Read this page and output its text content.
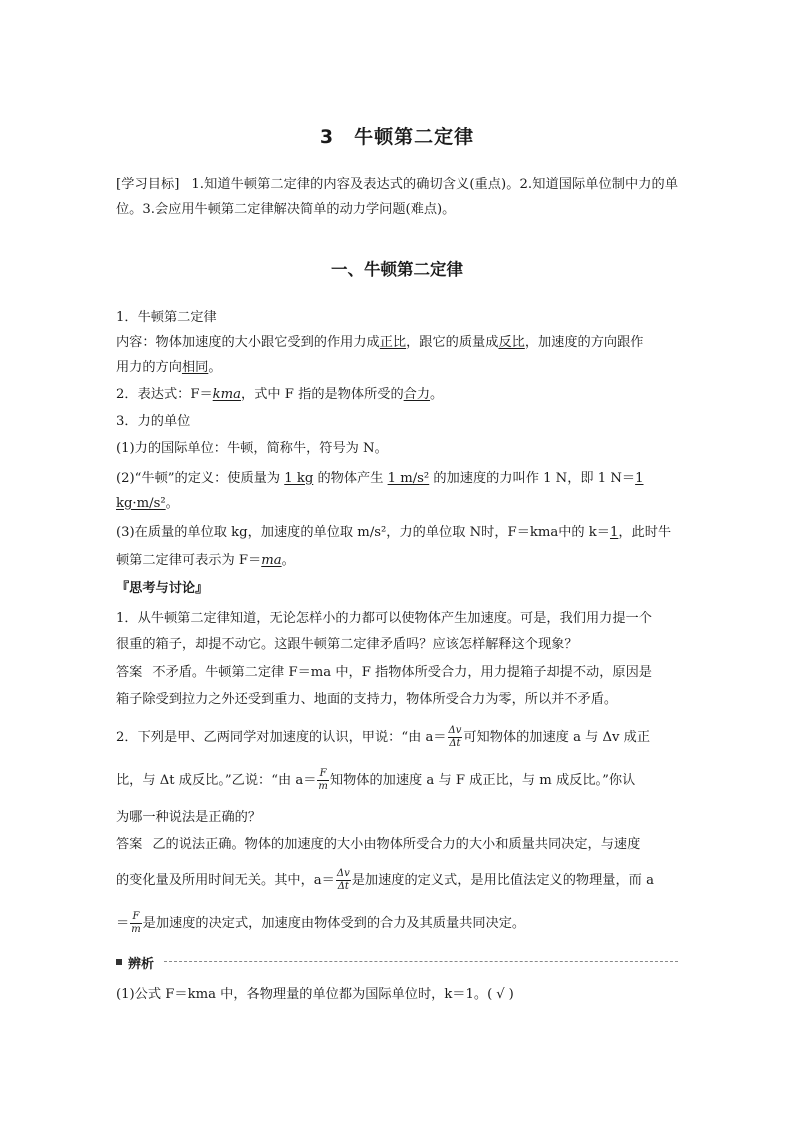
3　牛顿第二定律
[学习目标] 1.知道牛顿第二定律的内容及表达式的确切含义(重点)。2.知道国际单位制中力的单位。3.会应用牛顿第二定律解决简单的动力学问题(难点)。
一、牛顿第二定律
1．牛顿第二定律
内容：物体加速度的大小跟它受到的作用力成正比，跟它的质量成反比，加速度的方向跟作
用力的方向相同。
2．表达式：F＝kma，式中 F 指的是物体所受的合力。
3．力的单位
(1)力的国际单位：牛顿，简称牛，符号为 N。
(2)“牛顿”的定义：使质量为 1 kg 的物体产生 1 m/s² 的加速度的力叫作 1 N，即 1 N＝1
kg·m/s²。
(3)在质量的单位取 kg，加速度的单位取 m/s²，力的单位取 N时，F＝kma中的 k＝1，此时牛
顿第二定律可表示为 F＝ma。
『思考与讨论』
1．从牛顿第二定律知道，无论怎样小的力都可以使物体产生加速度。可是，我们用力提一个
很重的箱子，却提不动它。这跟牛顿第二定律矛盾吗？应该怎样解释这个现象？
答案 不矛盾。牛顿第二定律 F＝ma 中，F 指物体所受合力，用力提箱子却提不动，原因是
箱子除受到拉力之外还受到重力、地面的支持力，物体所受合力为零，所以并不矛盾。
2．下列是甲、乙两同学对加速度的认识，甲说：“由 $a= \frac{\Delta v}{\Delta t}$ 可知物体的加速度 a 与 Δv 成正
比，与 Δt 成反比。”乙说：“由 $a= \frac{F}{m}$ 知物体的加速度 a 与 F 成正比，与 m 成反比。”你认
为哪一种说法是正确的？
答案 乙的说法正确。物体的加速度的大小由物体所受合力的大小和质量共同决定，与速度
的变化量及所用时间无关。其中，$a= \frac{\Delta v}{\Delta t}$ 是加速度的定义式，是用比值法定义的物理量，而 a
＝ $\frac{F}{m}$ 是加速度的决定式，加速度由物体受到的合力及其质量共同决定。
辨析
(1)公式 F＝kma 中，各物理量的单位都为国际单位时，k＝1。( √ )
